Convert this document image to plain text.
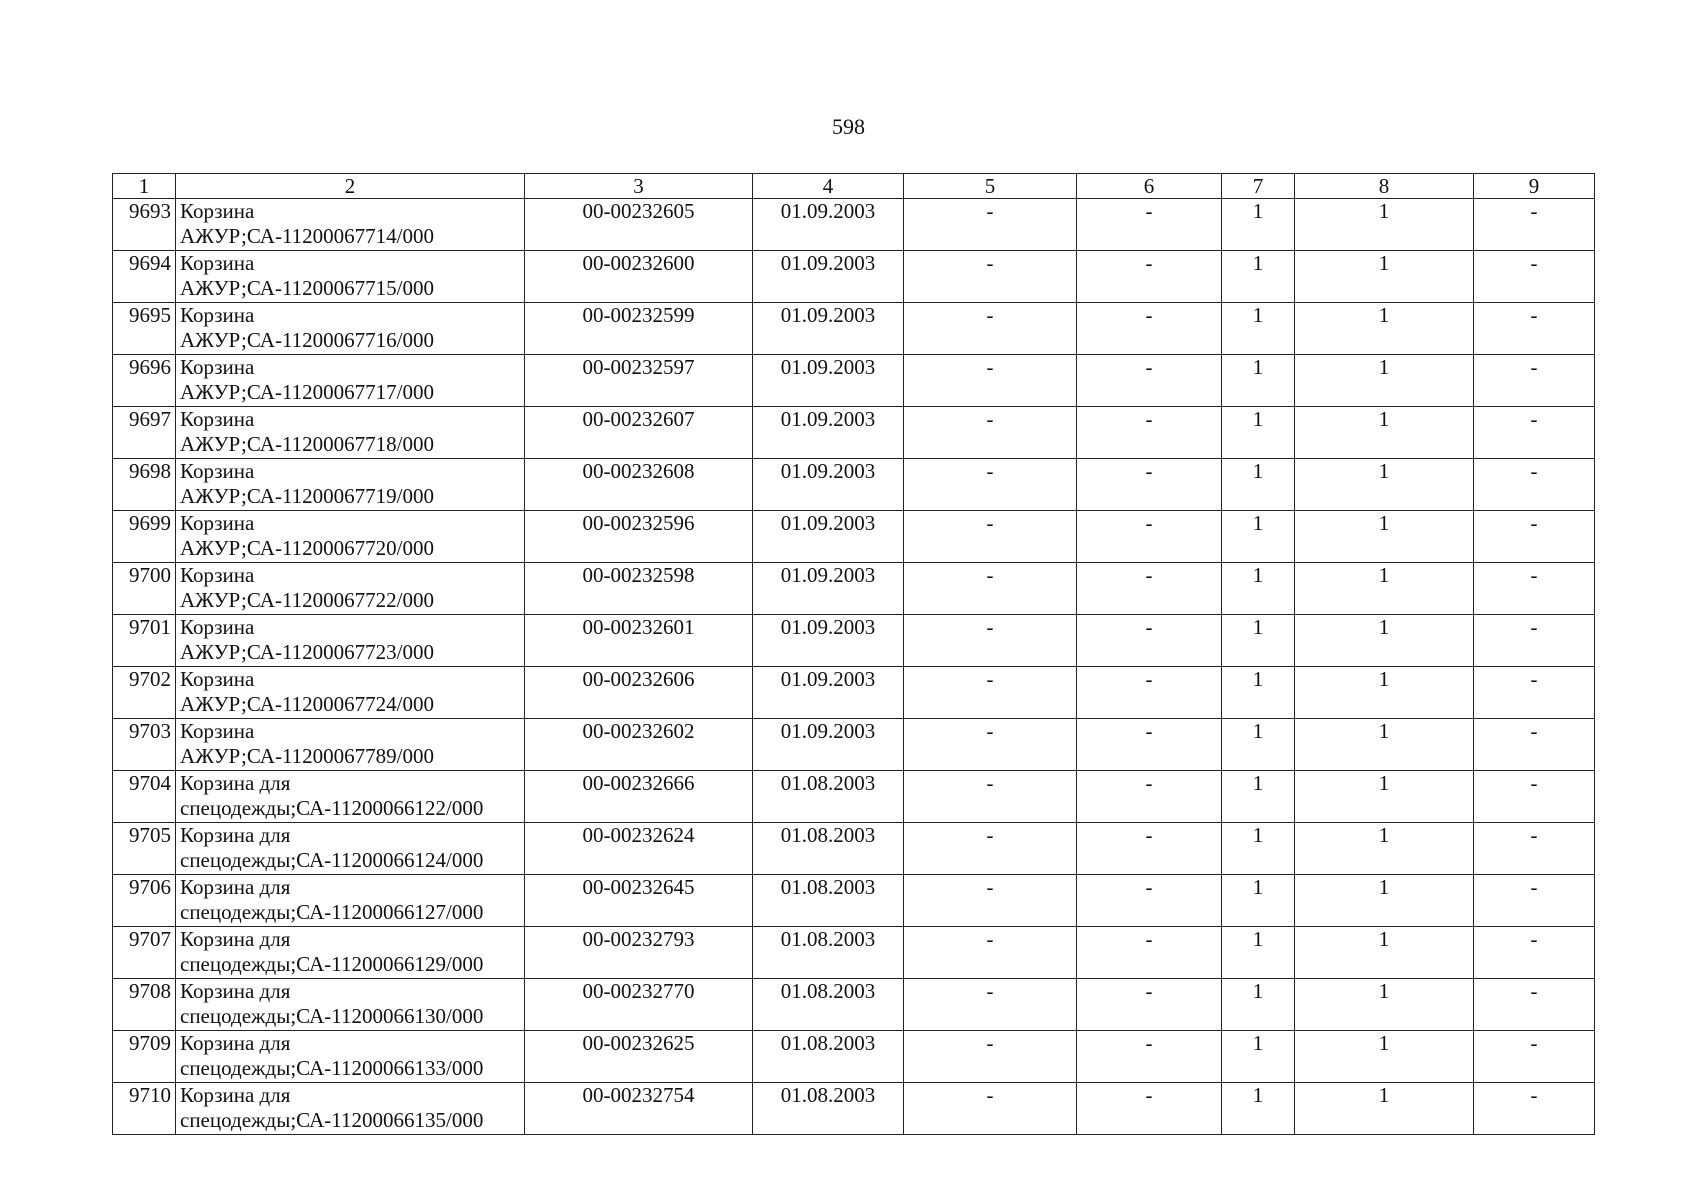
598
1	2	3	4	5	6	7	8	9
9693	Корзина
АЖУР;СА-11200067714/000	00-00232605	01.09.2003	-	-	1	1	-
9694	Корзина
АЖУР;СА-11200067715/000	00-00232600	01.09.2003	-	-	1	1	-
9695	Корзина
АЖУР;СА-11200067716/000	00-00232599	01.09.2003	-	-	1	1	-
9696	Корзина
АЖУР;СА-11200067717/000	00-00232597	01.09.2003	-	-	1	1	-
9697	Корзина
АЖУР;СА-11200067718/000	00-00232607	01.09.2003	-	-	1	1	-
9698	Корзина
АЖУР;СА-11200067719/000	00-00232608	01.09.2003	-	-	1	1	-
9699	Корзина
АЖУР;СА-11200067720/000	00-00232596	01.09.2003	-	-	1	1	-
9700	Корзина
АЖУР;СА-11200067722/000	00-00232598	01.09.2003	-	-	1	1	-
9701	Корзина
АЖУР;СА-11200067723/000	00-00232601	01.09.2003	-	-	1	1	-
9702	Корзина
АЖУР;СА-11200067724/000	00-00232606	01.09.2003	-	-	1	1	-
9703	Корзина
АЖУР;СА-11200067789/000	00-00232602	01.09.2003	-	-	1	1	-
9704	Корзина для
спецодежды;СА-11200066122/000	00-00232666	01.08.2003	-	-	1	1	-
9705	Корзина для
спецодежды;СА-11200066124/000	00-00232624	01.08.2003	-	-	1	1	-
9706	Корзина для
спецодежды;СА-11200066127/000	00-00232645	01.08.2003	-	-	1	1	-
9707	Корзина для
спецодежды;СА-11200066129/000	00-00232793	01.08.2003	-	-	1	1	-
9708	Корзина для
спецодежды;СА-11200066130/000	00-00232770	01.08.2003	-	-	1	1	-
9709	Корзина для
спецодежды;СА-11200066133/000	00-00232625	01.08.2003	-	-	1	1	-
9710	Корзина для
спецодежды;СА-11200066135/000	00-00232754	01.08.2003	-	-	1	1	-
